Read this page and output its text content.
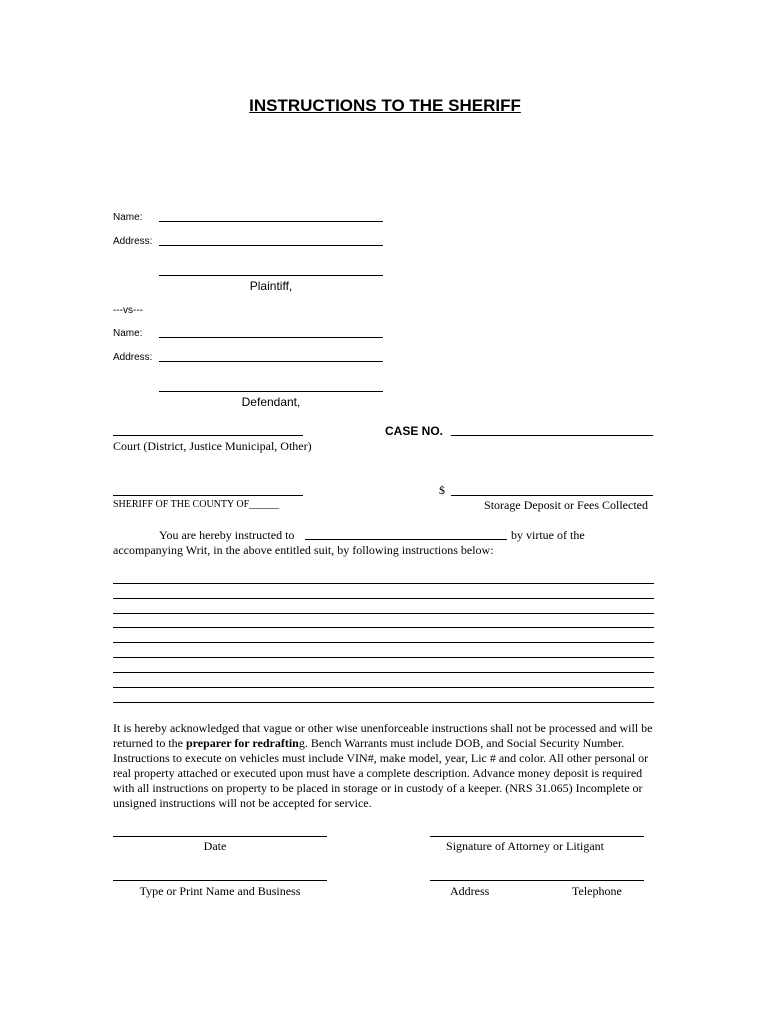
INSTRUCTIONS TO THE SHERIFF
Name:
Address:
Plaintiff,
---vs---
Name:
Address:
Defendant,
Court (District, Justice Municipal, Other)
CASE NO.
SHERIFF OF THE COUNTY OF______
$
Storage Deposit or Fees Collected
You are hereby instructed to	by virtue of the
accompanying Writ, in the above entitled suit, by following instructions below:
It is hereby acknowledged that vague or other wise unenforceable instructions shall not be processed and will be returned to the preparer for redrafting. Bench Warrants must include DOB, and Social Security Number. Instructions to execute on vehicles must include VIN#, make model, year, Lic # and color. All other personal or real property attached or executed upon must have a complete description. Advance money deposit is required with all instructions on property to be placed in storage or in custody of a keeper. (NRS 31.065) Incomplete or unsigned instructions will not be accepted for service.
Date	Signature of Attorney or Litigant
Type or Print Name and Business	Address	Telephone
